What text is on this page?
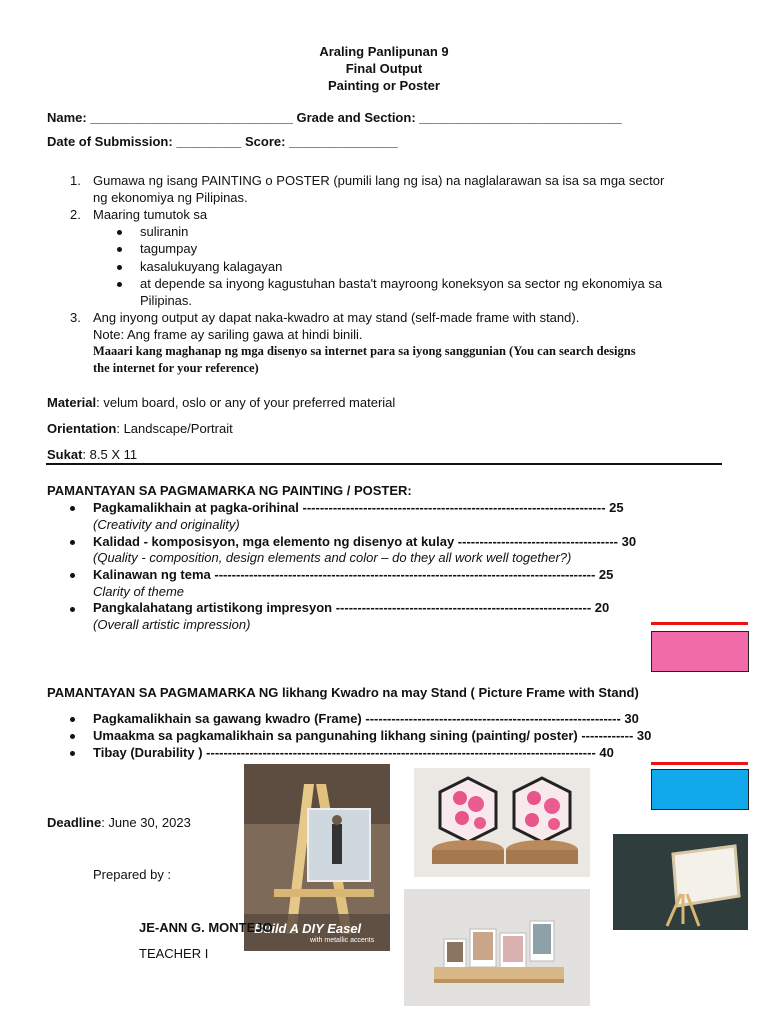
Araling Panlipunan 9
Final Output
Painting or Poster
Name: ____________________________ Grade and Section: ____________________________
Date of Submission: _________ Score: _______________
1. Gumawa ng isang PAINTING o POSTER (pumili lang ng isa) na naglalarawan sa isa sa mga sector
ng ekonomiya ng Pilipinas.
2. Maaring tumutok sa
suliranin
tagumpay
kasalukuyang kalagayan
at depende sa inyong kagustuhan basta't mayroong koneksyon sa sector ng ekonomiya sa
Pilipinas.
3. Ang inyong output ay dapat naka-kwadro at may stand (self-made frame with stand).
Note: Ang frame ay sariling gawa at hindi binili.
Maaari kang maghanap ng mga disenyo sa internet para sa iyong sanggunian (You can search designs
the internet for your reference)
Material: velum board, oslo or any of your preferred material
Orientation: Landscape/Portrait
Sukat: 8.5 X 11
PAMANTAYAN SA PAGMAMARKA NG PAINTING / POSTER:
Pagkamalikhain at pagka-orihinal ---------------------------------------------------------------------- 25
(Creativity and originality)
Kalidad - komposisyon, mga elemento ng disenyo at kulay ------------------------------------- 30
(Quality - composition, design elements and color – do they all work well together?)
Kalinawan ng tema ---------------------------------------------------------------------------------------- 25
Clarity of theme
Pangkalahatang artistikong impresyon ----------------------------------------------------------- 20
(Overall artistic impression)
PAMANTAYAN SA PAGMAMARKA NG likhang Kwadro na may Stand ( Picture Frame with Stand)
Pagkamalikhain sa gawang kwadro (Frame) ----------------------------------------------------------- 30
Umaakma sa pagkamalikhain sa pangunahing likhang sining (painting/ poster) ------------ 30
Tibay (Durability ) ------------------------------------------------------------------------------------------ 40
Build A DIY Easel
with metallic accents
Deadline: June 30, 2023
Prepared by :
JE-ANN G. MONTEJO
TEACHER I
